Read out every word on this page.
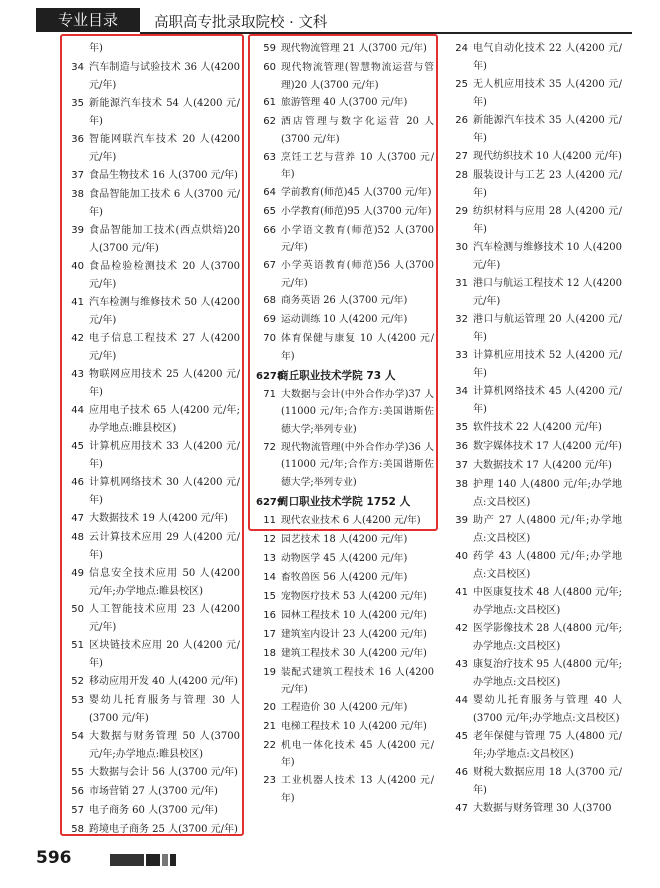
专业目录	高职高专批录取院校 · 文科
年)
34 汽车制造与试验技术 36 人(4200 元/年)
35 新能源汽车技术 54 人(4200 元/年)
36 智能网联汽车技术 20 人(4200 元/年)
37 食品生物技术 16 人(3700 元/年)
38 食品智能加工技术 6 人(3700 元/年)
39 食品智能加工技术(西点烘焙)20 人(3700 元/年)
40 食品检验检测技术 20 人(3700 元/年)
41 汽车检测与维修技术 50 人(4200 元/年)
42 电子信息工程技术 27 人(4200 元/年)
43 物联网应用技术 25 人(4200 元/年)
44 应用电子技术 65 人(4200 元/年;办学地点:睢县校区)
45 计算机应用技术 33 人(4200 元/年)
46 计算机网络技术 30 人(4200 元/年)
47 大数据技术 19 人(4200 元/年)
48 云计算技术应用 29 人(4200 元/年)
49 信息安全技术应用 50 人(4200 元/年;办学地点:睢县校区)
50 人工智能技术应用 23 人(4200 元/年)
51 区块链技术应用 20 人(4200 元/年)
52 移动应用开发 40 人(4200 元/年)
53 婴幼儿托育服务与管理 30 人(3700 元/年)
54 大数据与财务管理 50 人(3700 元/年;办学地点:睢县校区)
55 大数据与会计 56 人(3700 元/年)
56 市场营销 27 人(3700 元/年)
57 电子商务 60 人(3700 元/年)
58 跨境电子商务 25 人(3700 元/年)
59 现代物流管理 21 人(3700 元/年)
60 现代物流管理(智慧物流运营与管理)20 人(3700 元/年)
61 旅游管理 40 人(3700 元/年)
62 酒店管理与数字化运营 20 人(3700 元/年)
63 烹饪工艺与营养 10 人(3700 元/年)
64 学前教育(师范)45 人(3700 元/年)
65 小学教育(师范)95 人(3700 元/年)
66 小学语文教育(师范)52 人(3700 元/年)
67 小学英语教育(师范)56 人(3700 元/年)
68 商务英语 26 人(3700 元/年)
69 运动训练 10 人(4200 元/年)
70 体育保健与康复 10 人(4200 元/年)
6278商丘职业技术学院 73 人
71 大数据与会计(中外合作办学)37 人(11000 元/年;合作方:美国谐斯佐德大学;举列专业)
72 现代物流管理(中外合作办学)36 人(11000 元/年;合作方:美国谐斯佐德大学;举列专业)
6279周口职业技术学院 1752 人
11 现代农业技术 6 人(4200 元/年)
12 园艺技术 18 人(4200 元/年)
13 动物医学 45 人(4200 元/年)
14 畜牧兽医 56 人(4200 元/年)
15 宠物医疗技术 53 人(4200 元/年)
16 园林工程技术 10 人(4200 元/年)
17 建筑室内设计 23 人(4200 元/年)
18 建筑工程技术 30 人(4200 元/年)
19 装配式建筑工程技术 16 人(4200 元/年)
20 工程造价 30 人(4200 元/年)
21 电梯工程技术 10 人(4200 元/年)
22 机电一体化技术 45 人(4200 元/年)
23 工业机器人技术 13 人(4200 元/年)
24 电气自动化技术 22 人(4200 元/年)
25 无人机应用技术 35 人(4200 元/年)
26 新能源汽车技术 35 人(4200 元/年)
27 现代纺织技术 10 人(4200 元/年)
28 服装设计与工艺 23 人(4200 元/年)
29 纺织材料与应用 28 人(4200 元/年)
30 汽车检测与维修技术 10 人(4200 元/年)
31 港口与航运工程技术 12 人(4200 元/年)
32 港口与航运管理 20 人(4200 元/年)
33 计算机应用技术 52 人(4200 元/年)
34 计算机网络技术 45 人(4200 元/年)
35 软件技术 22 人(4200 元/年)
36 数字媒体技术 17 人(4200 元/年)
37 大数据技术 17 人(4200 元/年)
38 护理 140 人(4800 元/年;办学地点:文昌校区)
39 助产 27 人(4800 元/年;办学地点:文昌校区)
40 药学 43 人(4800 元/年;办学地点:文昌校区)
41 中医康复技术 48 人(4800 元/年;办学地点:文昌校区)
42 医学影像技术 28 人(4800 元/年;办学地点:文昌校区)
43 康复治疗技术 95 人(4800 元/年;办学地点:文昌校区)
44 婴幼儿托育服务与管理 40 人(3700 元/年;办学地点:文昌校区)
45 老年保健与管理 75 人(4800 元/年;办学地点:文昌校区)
46 财税大数据应用 18 人(3700 元/年)
47 大数据与财务管理 30 人(3700
596
